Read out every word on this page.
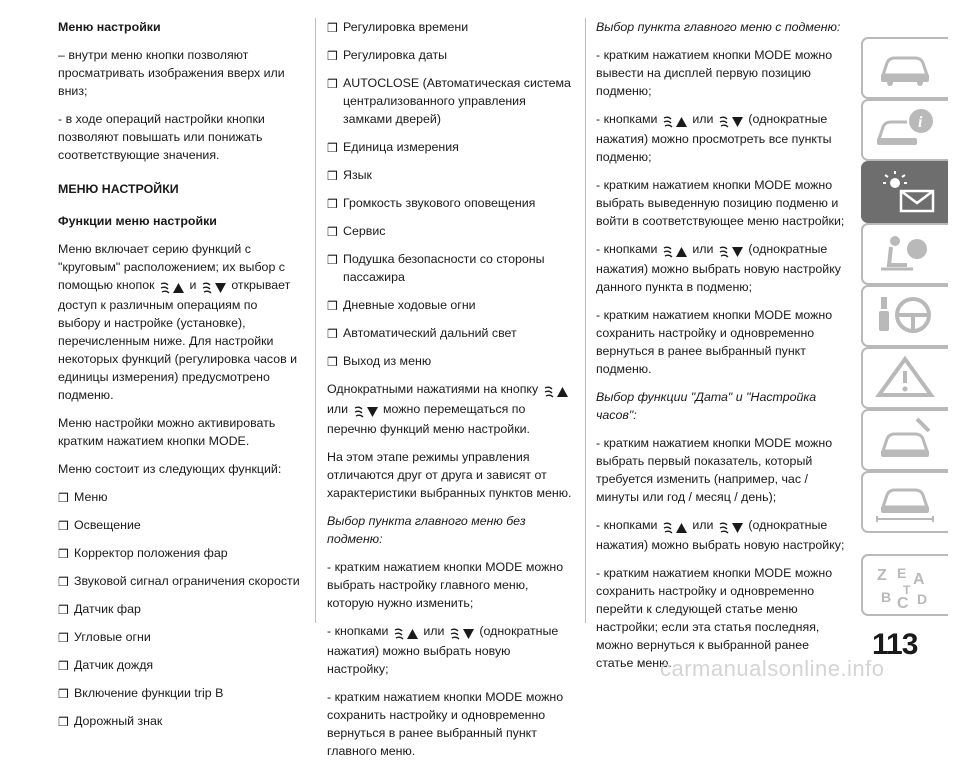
Меню настройки

– внутри меню кнопки позволяют просматривать изображения вверх или вниз;

- в ходе операций настройки кнопки позволяют повышать или понижать соответствующие значения.

МЕНЮ НАСТРОЙКИ

Функции меню настройки

Меню включает серию функций с "круговым" расположением; их выбор с помощью кнопок	и	открывает доступ к различным операциям по выбору и настройке (установке), перечисленным ниже. Для настройки некоторых функций (регулировка часов и единицы измерения) предусмотрено подменю.

Меню настройки можно активировать кратким нажатием кнопки MODE.

Меню состоит из следующих функций:

❒ Меню
❒ Освещение
❒ Корректор положения фар
❒ Звуковой сигнал ограничения скорости
❒ Датчик фар
❒ Угловые огни
❒ Датчик дождя
❒ Включение функции trip B
❒ Дорожный знак
❒ Регулировка времени
❒ Регулировка даты
❒ AUTOCLOSE (Автоматическая система централизованного управления замками дверей)
❒ Единица измерения
❒ Язык
❒ Громкость звукового оповещения
❒ Сервис
❒ Подушка безопасности со стороны пассажира
❒ Дневные ходовые огни
❒ Автоматический дальний свет
❒ Выход из меню

Однократными нажатиями на кнопку  или	можно перемещаться по перечню функций меню настройки.

На этом этапе режимы управления отличаются друг от друга и зависят от характеристики выбранных пунктов меню.

Выбор пункта главного меню без подменю:

- кратким нажатием кнопки MODE можно выбрать настройку главного меню, которую нужно изменить;

- кнопками	или	(однократные нажатия) можно выбрать новую настройку;

- кратким нажатием кнопки MODE можно сохранить настройку и одновременно вернуться в ранее выбранный пункт главного меню.

Выбор пункта главного меню с подменю:

- кратким нажатием кнопки MODE можно вывести на дисплей первую позицию подменю;

- кнопками	или	(однократные нажатия) можно просмотреть все пункты подменю;

- кратким нажатием кнопки MODE можно выбрать выведенную позицию подменю и войти в соответствующее меню настройки;

- кнопками	или	(однократные нажатия) можно выбрать новую настройку данного пункта в подменю;

- кратким нажатием кнопки MODE можно сохранить настройку и одновременно вернуться в ранее выбранный пункт подменю.

Выбор функции "Дата" и "Настройка часов":

- кратким нажатием кнопки MODE можно выбрать первый показатель, который требуется изменить (например, час / минуты или год / месяц / день);

- кнопками	или	(однократные нажатия) можно выбрать новую настройку;

- кратким нажатием кнопки MODE можно сохранить настройку и одновременно перейти к следующей статье меню настройки; если эта статья последняя, можно вернуться к выбранной ранее статье меню.

i
Z E A
B C D
T
113
carmanualsonline.info
